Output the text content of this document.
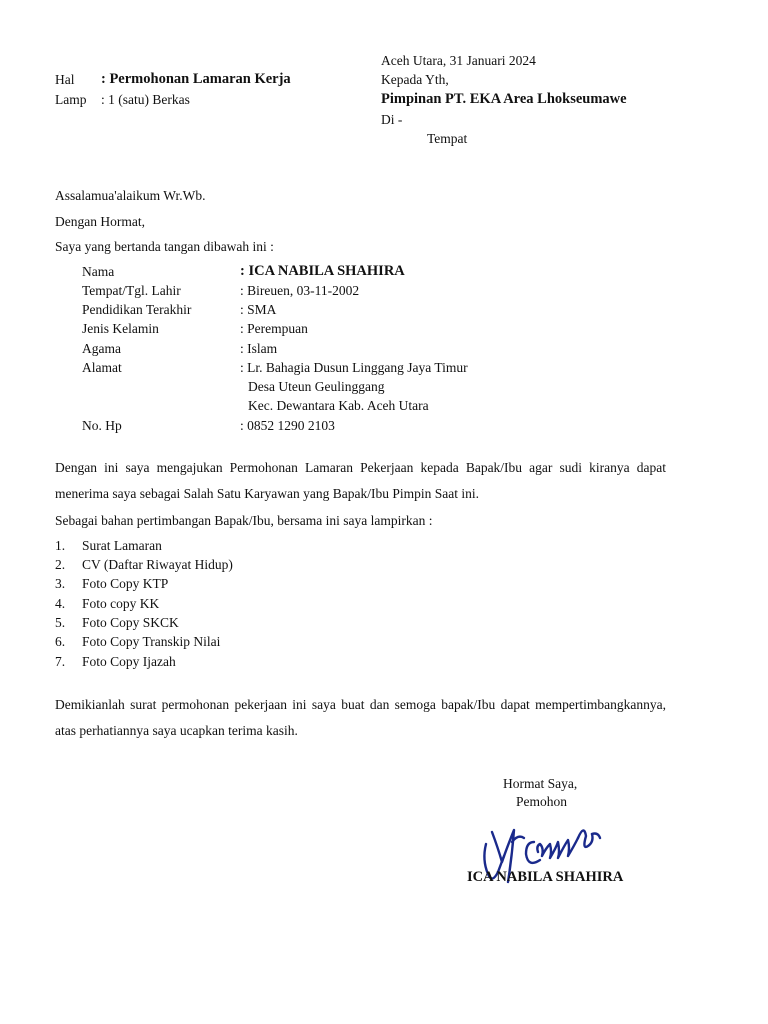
Aceh Utara, 31 Januari 2024
Hal : Permohonan Lamaran Kerja	Kepada Yth,
Lamp : 1 (satu) Berkas	Pimpinan PT. EKA Area Lhokseumawe
Di -
Tempat
Assalamua'alaikum Wr.Wb.
Dengan Hormat,
Saya yang bertanda tangan dibawah ini :
Nama	: ICA NABILA SHAHIRA
Tempat/Tgl. Lahir	: Bireuen, 03-11-2002
Pendidikan Terakhir	: SMA
Jenis Kelamin	: Perempuan
Agama	: Islam
Alamat	: Lr. Bahagia Dusun Linggang Jaya Timur
Desa Uteun Geulinggang
Kec. Dewantara Kab. Aceh Utara
No. Hp	: 0852 1290 2103
Dengan ini saya mengajukan Permohonan Lamaran Pekerjaan kepada Bapak/Ibu agar sudi kiranya dapat menerima saya sebagai Salah Satu Karyawan yang Bapak/Ibu Pimpin Saat ini.
Sebagai bahan pertimbangan Bapak/Ibu, bersama ini saya lampirkan :
1. Surat Lamaran
2. CV (Daftar Riwayat Hidup)
3. Foto Copy KTP
4. Foto copy KK
5. Foto Copy SKCK
6. Foto Copy Transkip Nilai
7. Foto Copy Ijazah
Demikianlah surat permohonan pekerjaan ini saya buat dan semoga bapak/Ibu dapat mempertimbangkannya, atas perhatiannya saya ucapkan terima kasih.
Hormat Saya,
Pemohon
ICA NABILA SHAHIRA
